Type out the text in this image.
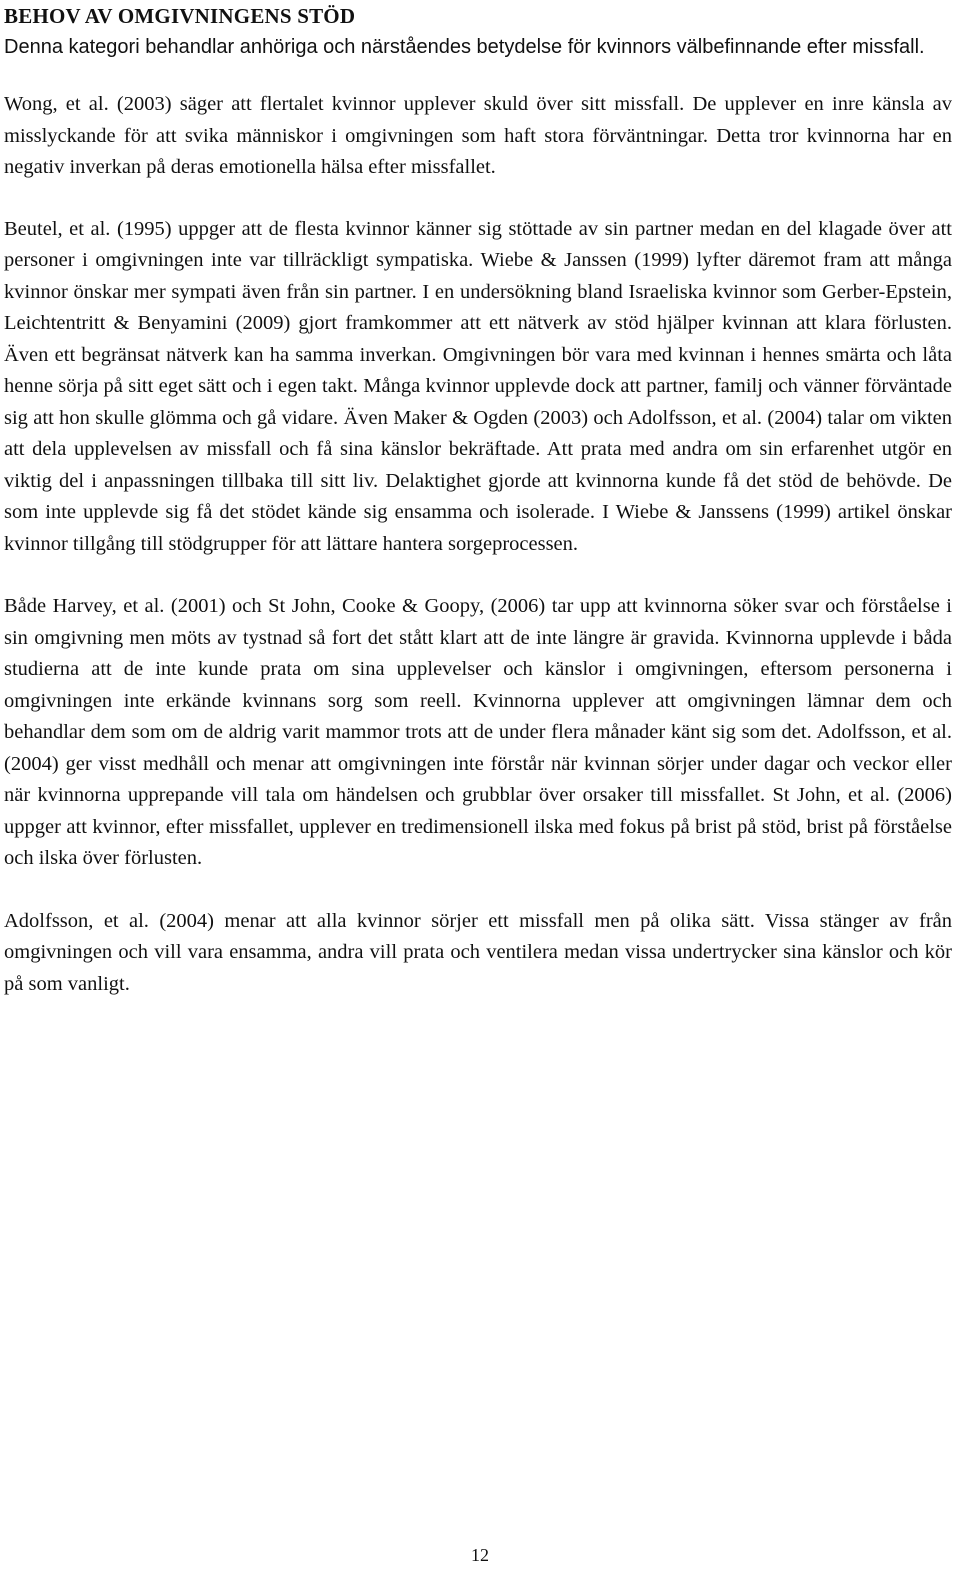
BEHOV AV OMGIVNINGENS STÖD

Denna kategori behandlar anhöriga och närståendes betydelse för kvinnors välbefinnande efter missfall.

Wong, et al. (2003) säger att flertalet kvinnor upplever skuld över sitt missfall. De upplever en inre känsla av misslyckande för att svika människor i omgivningen som haft stora förväntningar. Detta tror kvinnorna har en negativ inverkan på deras emotionella hälsa efter missfallet.

Beutel, et al. (1995) uppger att de flesta kvinnor känner sig stöttade av sin partner medan en del klagade över att personer i omgivningen inte var tillräckligt sympatiska. Wiebe & Janssen (1999) lyfter däremot fram att många kvinnor önskar mer sympati även från sin partner. I en undersökning bland Israeliska kvinnor som Gerber-Epstein, Leichtentritt & Benyamini (2009) gjort framkommer att ett nätverk av stöd hjälper kvinnan att klara förlusten. Även ett begränsat nätverk kan ha samma inverkan. Omgivningen bör vara med kvinnan i hennes smärta och låta henne sörja på sitt eget sätt och i egen takt. Många kvinnor upplevde dock att partner, familj och vänner förväntade sig att hon skulle glömma och gå vidare. Även Maker & Ogden (2003) och Adolfsson, et al. (2004) talar om vikten att dela upplevelsen av missfall och få sina känslor bekräftade. Att prata med andra om sin erfarenhet utgör en viktig del i anpassningen tillbaka till sitt liv. Delaktighet gjorde att kvinnorna kunde få det stöd de behövde. De som inte upplevde sig få det stödet kände sig ensamma och isolerade. I Wiebe & Janssens (1999) artikel önskar kvinnor tillgång till stödgrupper för att lättare hantera sorgeprocessen.

Både Harvey, et al. (2001) och St John, Cooke & Goopy, (2006) tar upp att kvinnorna söker svar och förståelse i sin omgivning men möts av tystnad så fort det stått klart att de inte längre är gravida. Kvinnorna upplevde i båda studierna att de inte kunde prata om sina upplevelser och känslor i omgivningen, eftersom personerna i omgivningen inte erkände kvinnans sorg som reell. Kvinnorna upplever att omgivningen lämnar dem och behandlar dem som om de aldrig varit mammor trots att de under flera månader känt sig som det. Adolfsson, et al. (2004) ger visst medhåll och menar att omgivningen inte förstår när kvinnan sörjer under dagar och veckor eller när kvinnorna upprepande vill tala om händelsen och grubblar över orsaker till missfallet. St John, et al. (2006) uppger att kvinnor, efter missfallet, upplever en tredimensionell ilska med fokus på brist på stöd, brist på förståelse och ilska över förlusten.

Adolfsson, et al. (2004) menar att alla kvinnor sörjer ett missfall men på olika sätt. Vissa stänger av från omgivningen och vill vara ensamma, andra vill prata och ventilera medan vissa undertrycker sina känslor och kör på som vanligt.

12
